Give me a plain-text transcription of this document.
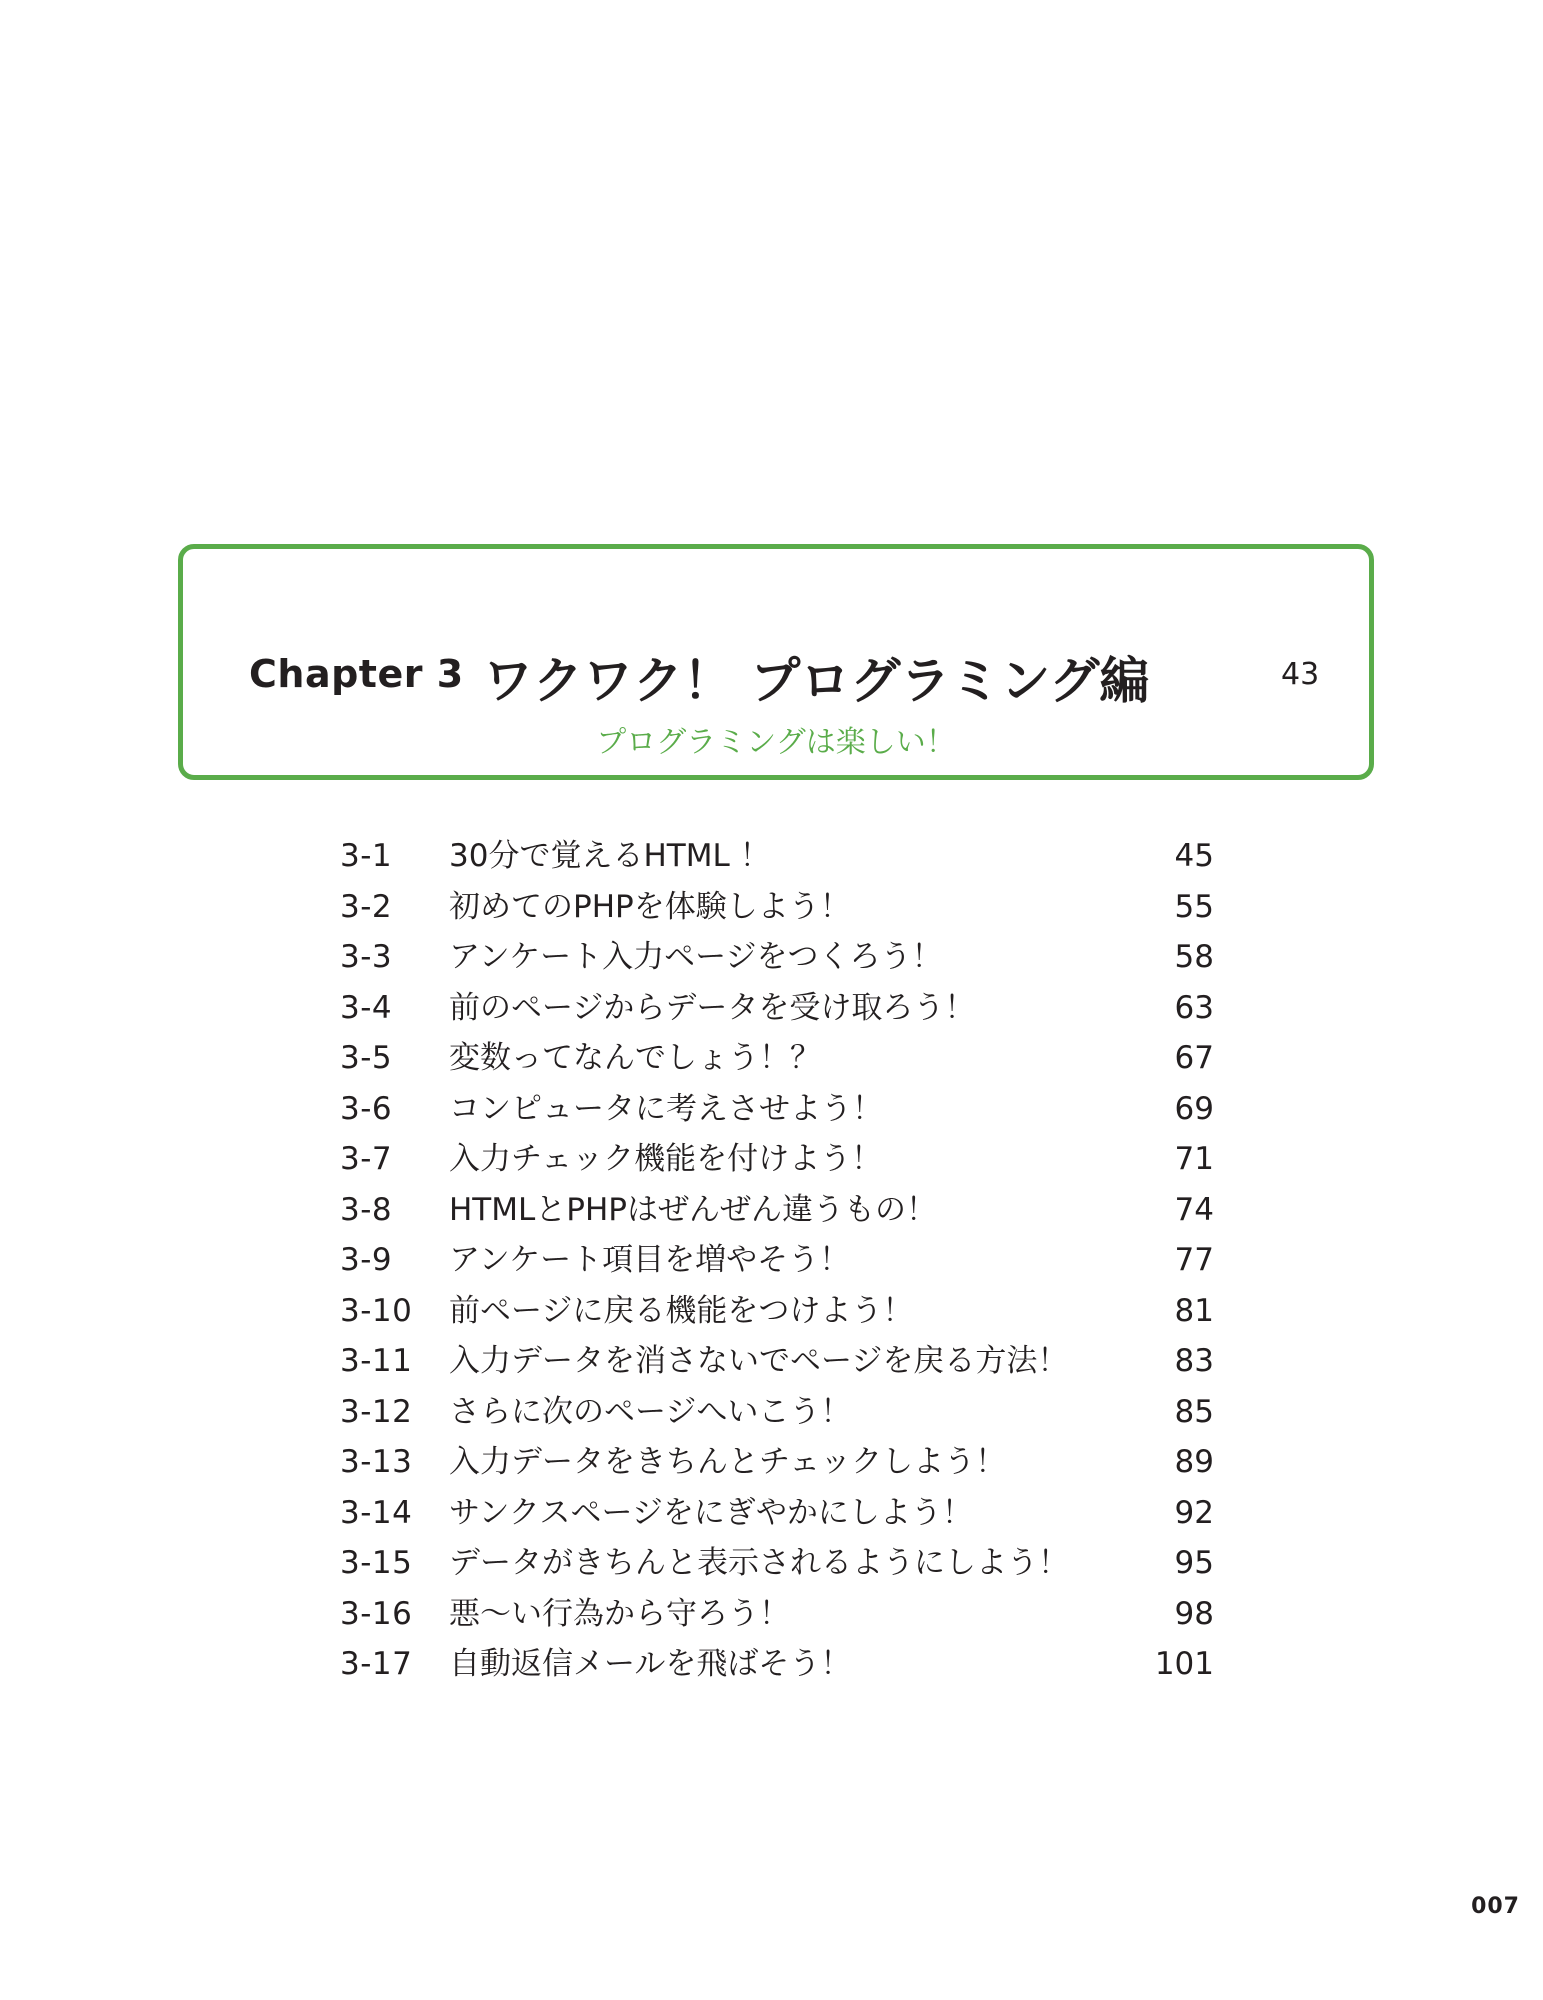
Chapter 3 ワクワク！ プログラミング編	43
プログラミングは楽しい！
3-1 30分で覚えるHTML ！	45
3-2 初めてのPHPを体験しよう！	55
3-3 アンケート入力ページをつくろう！	58
3-4 前のページからデータを受け取ろう！	63
3-5 変数ってなんでしょう！？	67
3-6 コンピュータに考えさせよう！	69
3-7 入力チェック機能を付けよう！	71
3-8 HTMLとPHPはぜんぜん違うもの！	74
3-9 アンケート項目を増やそう！	77
3-10 前ページに戻る機能をつけよう！	81
3-11 入力データを消さないでページを戻る方法！	83
3-12 さらに次のページへいこう！	85
3-13 入力データをきちんとチェックしよう！	89
3-14 サンクスページをにぎやかにしよう！	92
3-15 データがきちんと表示されるようにしよう！	95
3-16 悪～い行為から守ろう！	98
3-17 自動返信メールを飛ばそう！	101
007
